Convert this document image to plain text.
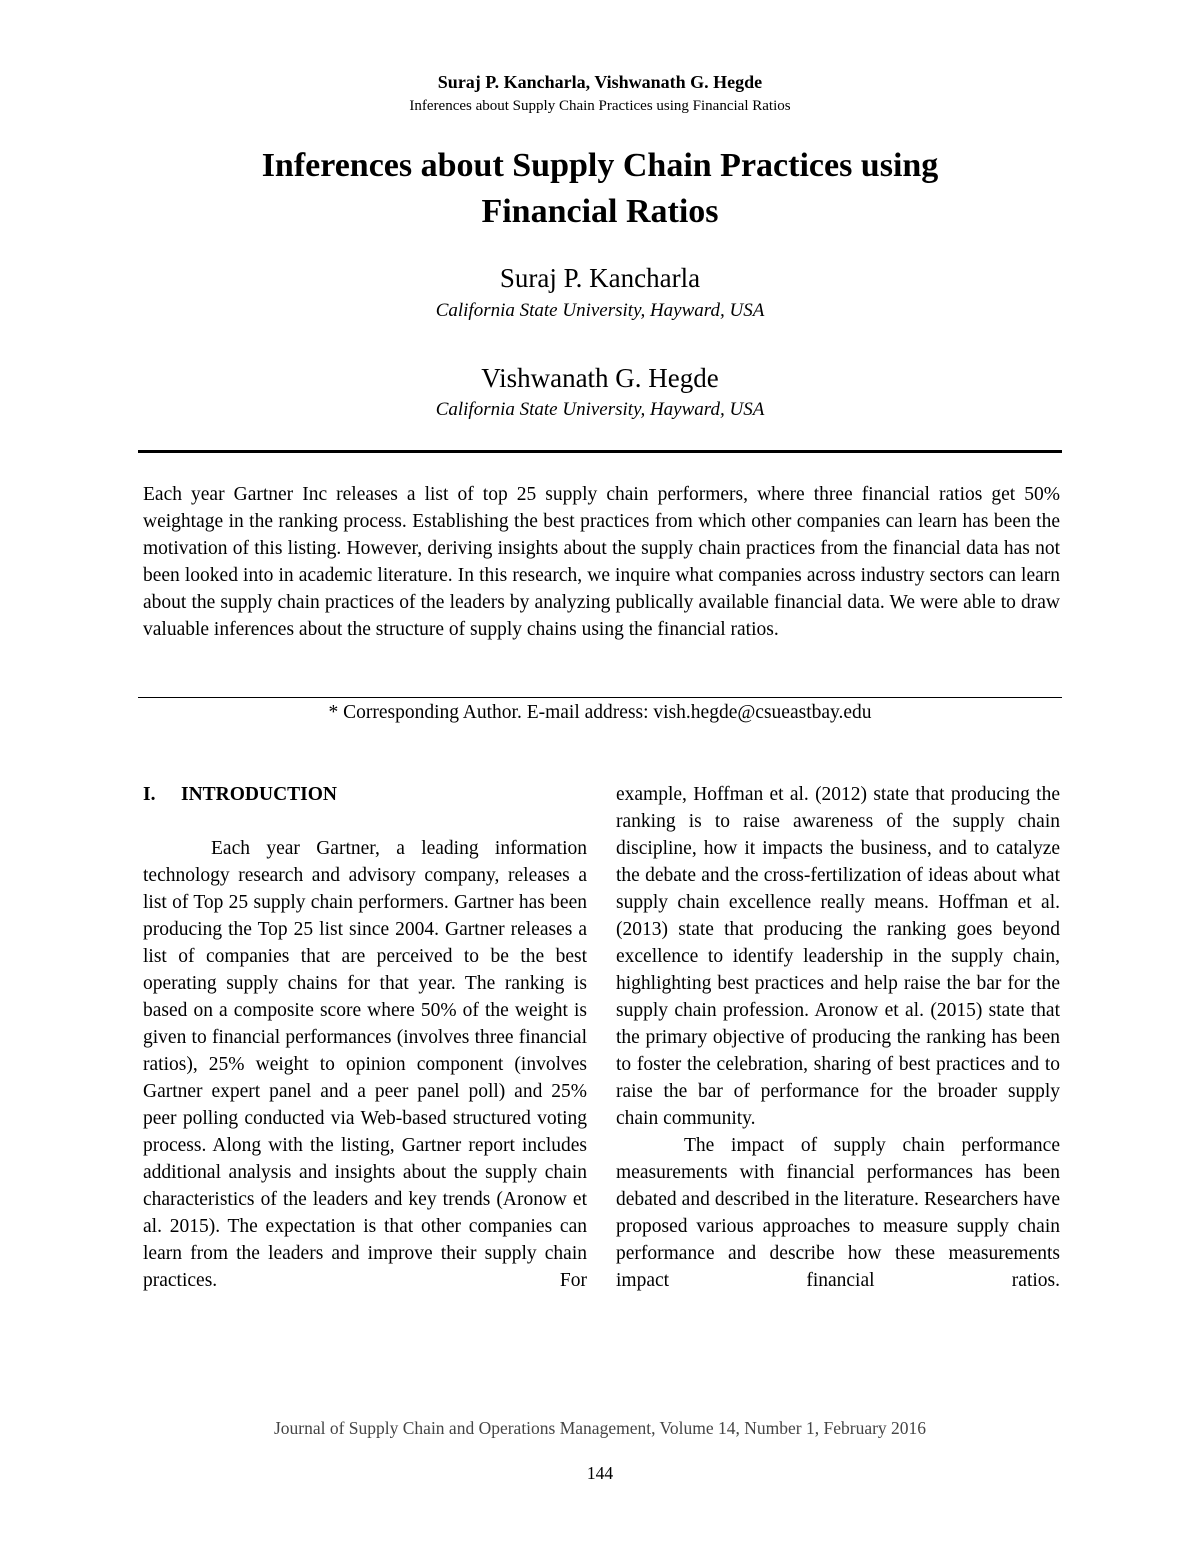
Suraj P. Kancharla, Vishwanath G. Hegde
Inferences about Supply Chain Practices using Financial Ratios
Inferences about Supply Chain Practices using
Financial Ratios
Suraj P. Kancharla
California State University, Hayward, USA
Vishwanath G. Hegde
California State University, Hayward, USA
Each year Gartner Inc releases a list of top 25 supply chain performers, where three financial ratios get 50% weightage in the ranking process. Establishing the best practices from which other companies can learn has been the motivation of this listing. However, deriving insights about the supply chain practices from the financial data has not been looked into in academic literature. In this research, we inquire what companies across industry sectors can learn about the supply chain practices of the leaders by analyzing publically available financial data. We were able to draw valuable inferences about the structure of supply chains using the financial ratios.
* Corresponding Author. E-mail address: vish.hegde@csueastbay.edu
I. INTRODUCTION

Each year Gartner, a leading information technology research and advisory company, releases a list of Top 25 supply chain performers. Gartner has been producing the Top 25 list since 2004. Gartner releases a list of companies that are perceived to be the best operating supply chains for that year. The ranking is based on a composite score where 50% of the weight is given to financial performances (involves three financial ratios), 25% weight to opinion component (involves Gartner expert panel and a peer panel poll) and 25% peer polling conducted via Web-based structured voting process. Along with the listing, Gartner report includes additional analysis and insights about the supply chain characteristics of the leaders and key trends (Aronow et al. 2015). The expectation is that other companies can learn from the leaders and improve their supply chain practices. For

example, Hoffman et al. (2012) state that producing the ranking is to raise awareness of the supply chain discipline, how it impacts the business, and to catalyze the debate and the cross-fertilization of ideas about what supply chain excellence really means. Hoffman et al. (2013) state that producing the ranking goes beyond excellence to identify leadership in the supply chain, highlighting best practices and help raise the bar for the supply chain profession. Aronow et al. (2015) state that the primary objective of producing the ranking has been to foster the celebration, sharing of best practices and to raise the bar of performance for the broader supply chain community.

The impact of supply chain performance measurements with financial performances has been debated and described in the literature. Researchers have proposed various approaches to measure supply chain performance and describe how these measurements impact financial ratios.

Journal of Supply Chain and Operations Management, Volume 14, Number 1, February 2016
144
